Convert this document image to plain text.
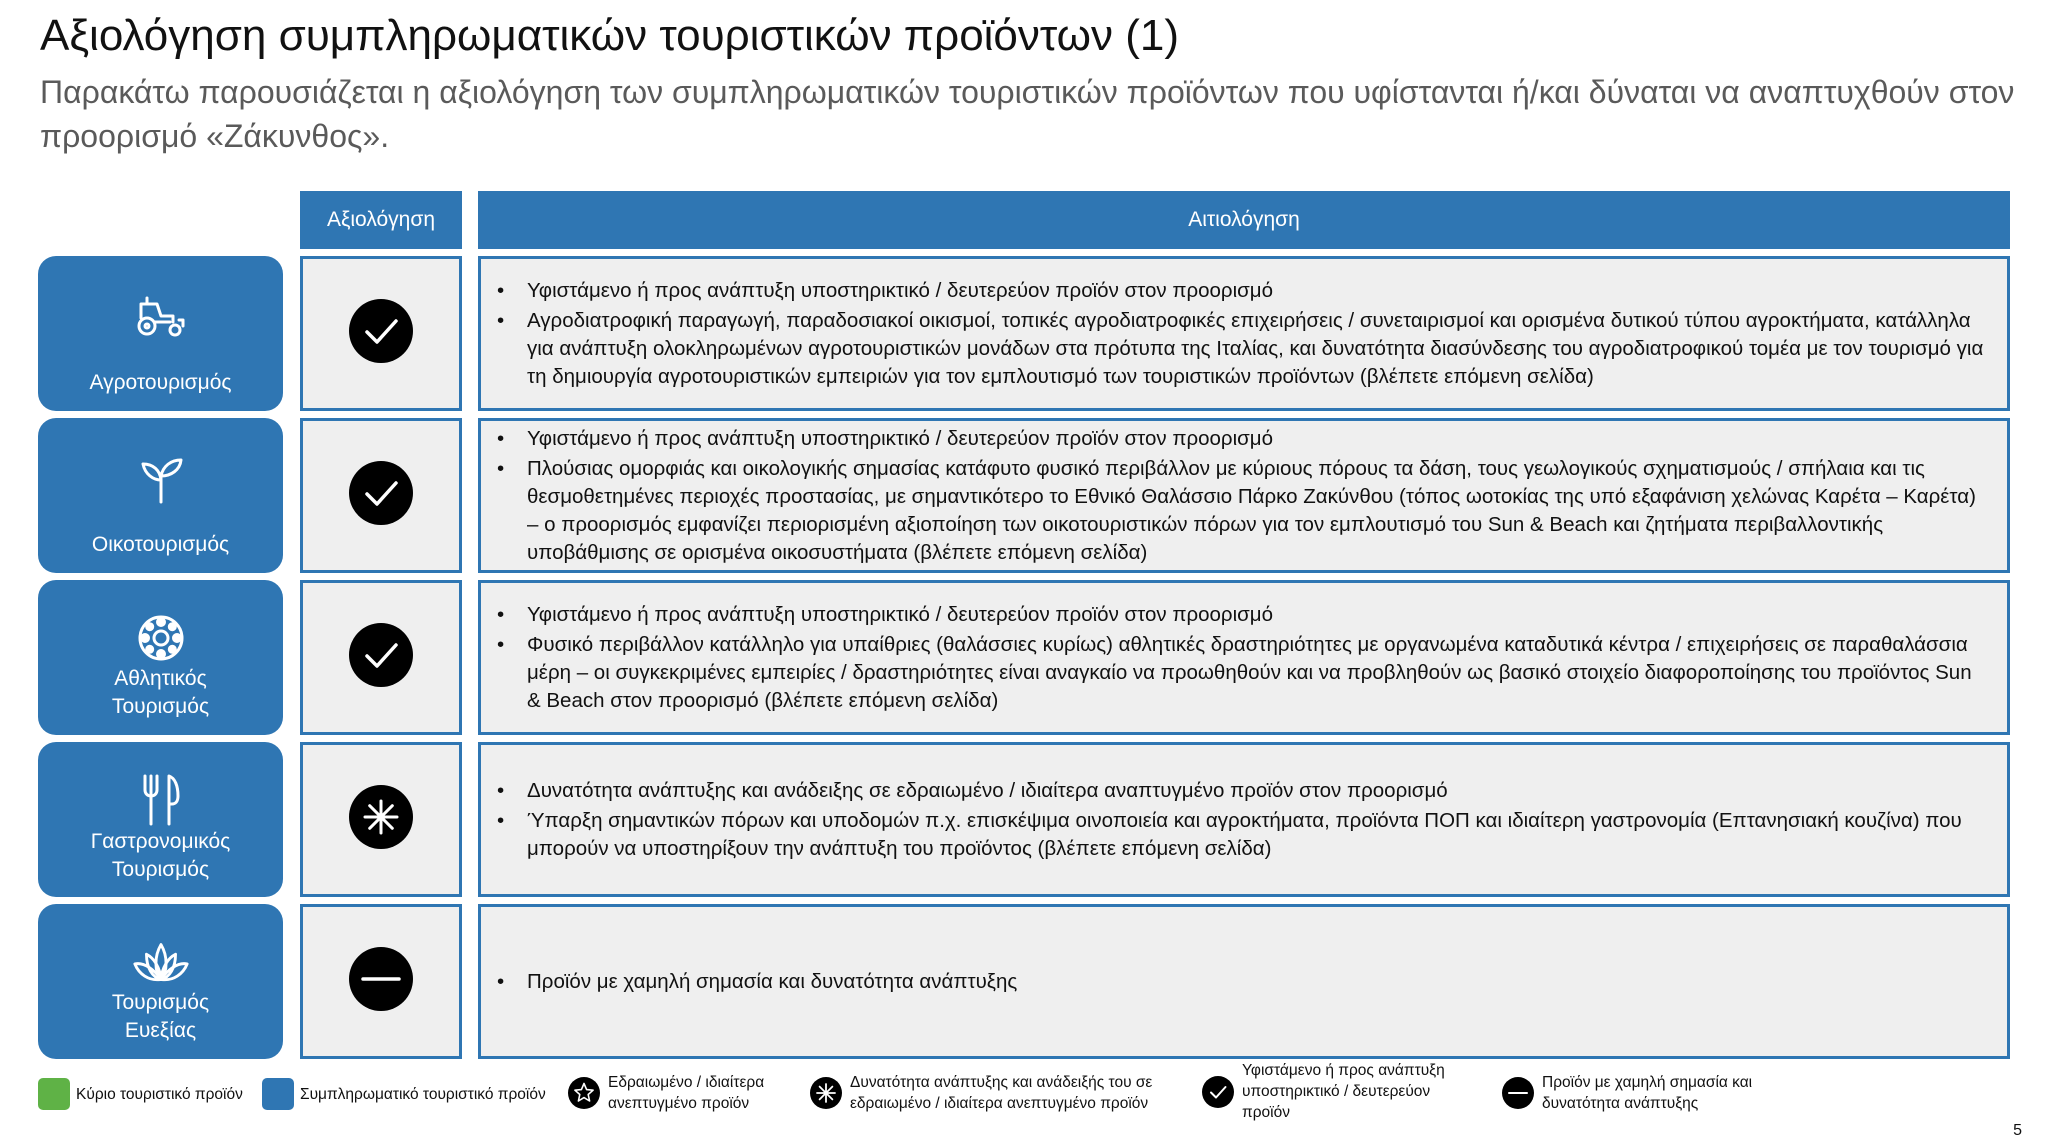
Αξιολόγηση συμπληρωματικών τουριστικών προϊόντων (1)
Παρακάτω παρουσιάζεται η αξιολόγηση των συμπληρωματικών τουριστικών προϊόντων που υφίστανται ή/και δύναται να αναπτυχθούν στον προορισμό «Ζάκυνθος».
Αξιολόγηση	Αιτιολόγηση
Αγροτουρισμός
• Υφιστάμενο ή προς ανάπτυξη υποστηρικτικό / δευτερεύον προϊόν στον προορισμό
• Αγροδιατροφική παραγωγή, παραδοσιακοί οικισμοί, τοπικές αγροδιατροφικές επιχειρήσεις / συνεταιρισμοί και ορισμένα δυτικού τύπου αγροκτήματα, κατάλληλα για ανάπτυξη ολοκληρωμένων αγροτουριστικών μονάδων στα πρότυπα της Ιταλίας, και δυνατότητα διασύνδεσης του αγροδιατροφικού τομέα με τον τουρισμό για τη δημιουργία αγροτουριστικών εμπειριών για τον εμπλουτισμό των τουριστικών προϊόντων (βλέπετε επόμενη σελίδα)
Οικοτουρισμός
• Υφιστάμενο ή προς ανάπτυξη υποστηρικτικό / δευτερεύον προϊόν στον προορισμό
• Πλούσιας ομορφιάς και οικολογικής σημασίας κατάφυτο φυσικό περιβάλλον με κύριους πόρους τα δάση, τους γεωλογικούς σχηματισμούς / σπήλαια και τις θεσμοθετημένες περιοχές προστασίας, με σημαντικότερο το Εθνικό Θαλάσσιο Πάρκο Ζακύνθου (τόπος ωοτοκίας της υπό εξαφάνιση χελώνας Καρέτα – Καρέτα) – ο προορισμός εμφανίζει περιορισμένη αξιοποίηση των οικοτουριστικών πόρων για τον εμπλουτισμό του Sun & Beach και ζητήματα περιβαλλοντικής υποβάθμισης σε ορισμένα οικοσυστήματα (βλέπετε επόμενη σελίδα)
Αθλητικός
Τουρισμός
• Υφιστάμενο ή προς ανάπτυξη υποστηρικτικό / δευτερεύον προϊόν στον προορισμό
• Φυσικό περιβάλλον κατάλληλο για υπαίθριες (θαλάσσιες κυρίως) αθλητικές δραστηριότητες με οργανωμένα καταδυτικά κέντρα / επιχειρήσεις σε παραθαλάσσια μέρη – οι συγκεκριμένες εμπειρίες / δραστηριότητες είναι αναγκαίο να προωθηθούν και να προβληθούν ως βασικό στοιχείο διαφοροποίησης του προϊόντος Sun & Beach στον προορισμό (βλέπετε επόμενη σελίδα)
Γαστρονομικός
Τουρισμός
• Δυνατότητα ανάπτυξης και ανάδειξης σε εδραιωμένο / ιδιαίτερα αναπτυγμένο προϊόν στον προορισμό
• Ύπαρξη σημαντικών πόρων και υποδομών π.χ. επισκέψιμα οινοποιεία και αγροκτήματα, προϊόντα ΠΟΠ και ιδιαίτερη γαστρονομία (Επτανησιακή κουζίνα) που μπορούν να υποστηρίξουν την ανάπτυξη του προϊόντος (βλέπετε επόμενη σελίδα)
Τουρισμός
Ευεξίας
• Προϊόν με χαμηλή σημασία και δυνατότητα ανάπτυξης
Κύριο τουριστικό προϊόν	Συμπληρωματικό τουριστικό προϊόν
Εδραιωμένο / ιδιαίτερα
ανεπτυγμένο προϊόν
Δυνατότητα ανάπτυξης και ανάδειξής του σε
εδραιωμένο / ιδιαίτερα ανεπτυγμένο προϊόν
Υφιστάμενο ή προς ανάπτυξη
υποστηρικτικό / δευτερεύον
προϊόν
Προϊόν με χαμηλή σημασία και
δυνατότητα ανάπτυξης
5
